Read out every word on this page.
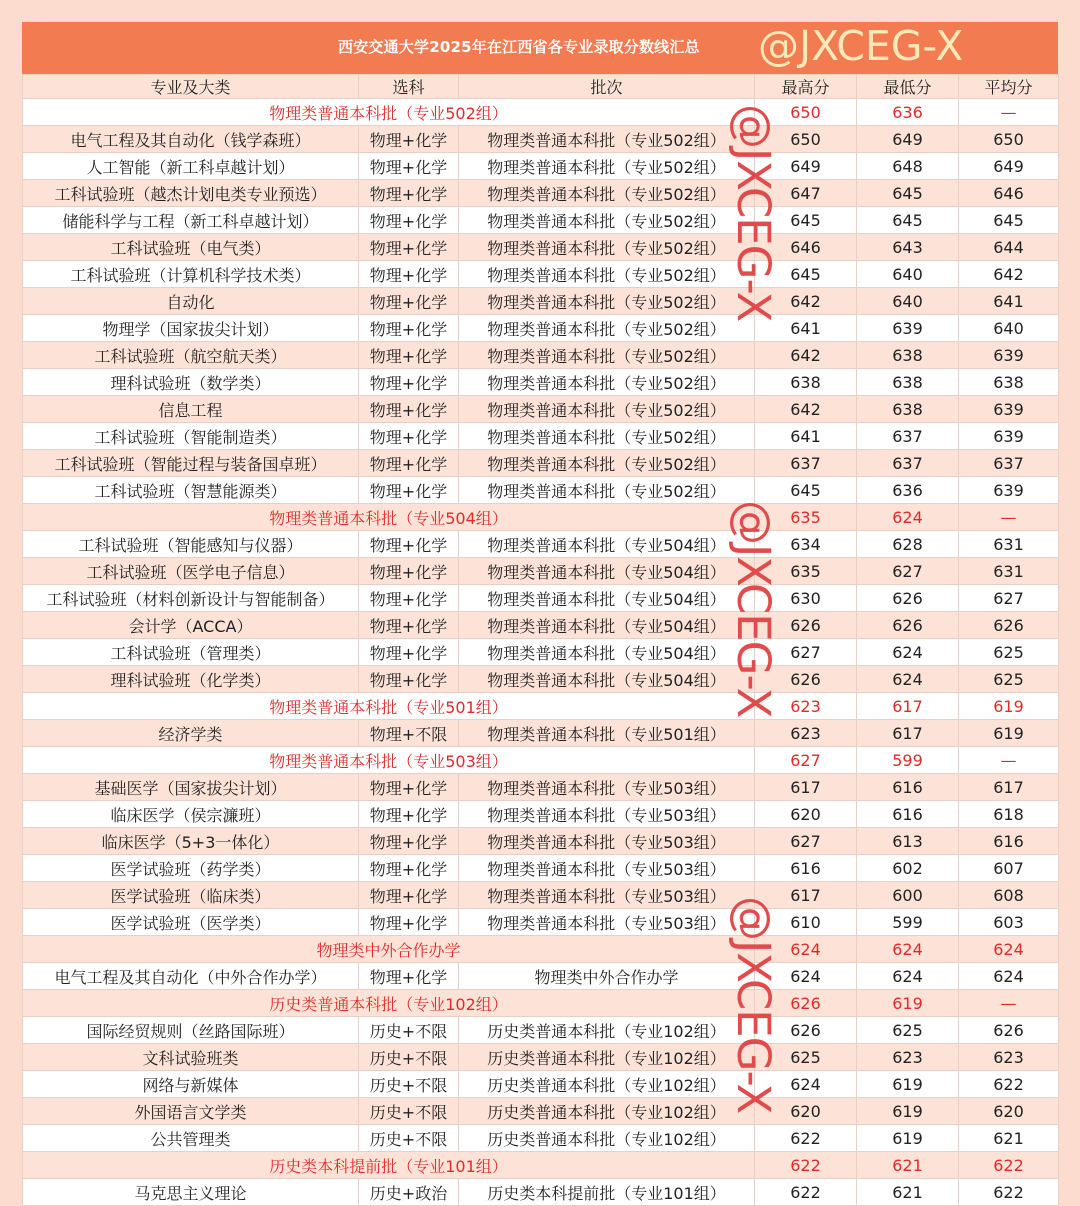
西安交通大学2025年在江西省各专业录取分数线汇总 @JXCEG-X
专业及大类	选科	批次	最高分	最低分	平均分
物理类普通本科批（专业502组）			650	636	—
电气工程及其自动化（钱学森班）	物理+化学	物理类普通本科批（专业502组）	650	649	650
人工智能（新工科卓越计划）	物理+化学	物理类普通本科批（专业502组）	649	648	649
工科试验班（越杰计划电类专业预选）	物理+化学	物理类普通本科批（专业502组）	647	645	646
储能科学与工程（新工科卓越计划）	物理+化学	物理类普通本科批（专业502组）	645	645	645
工科试验班（电气类）	物理+化学	物理类普通本科批（专业502组）	646	643	644
工科试验班（计算机科学技术类）	物理+化学	物理类普通本科批（专业502组）	645	640	642
自动化	物理+化学	物理类普通本科批（专业502组）	642	640	641
物理学（国家拔尖计划）	物理+化学	物理类普通本科批（专业502组）	641	639	640
工科试验班（航空航天类）	物理+化学	物理类普通本科批（专业502组）	642	638	639
理科试验班（数学类）	物理+化学	物理类普通本科批（专业502组）	638	638	638
信息工程	物理+化学	物理类普通本科批（专业502组）	642	638	639
工科试验班（智能制造类）	物理+化学	物理类普通本科批（专业502组）	641	637	639
工科试验班（智能过程与装备国卓班）	物理+化学	物理类普通本科批（专业502组）	637	637	637
工科试验班（智慧能源类）	物理+化学	物理类普通本科批（专业502组）	645	636	639
物理类普通本科批（专业504组）			635	624	—
工科试验班（智能感知与仪器）	物理+化学	物理类普通本科批（专业504组）	634	628	631
工科试验班（医学电子信息）	物理+化学	物理类普通本科批（专业504组）	635	627	631
工科试验班（材料创新设计与智能制备）	物理+化学	物理类普通本科批（专业504组）	630	626	627
会计学（ACCA）	物理+化学	物理类普通本科批（专业504组）	626	626	626
工科试验班（管理类）	物理+化学	物理类普通本科批（专业504组）	627	624	625
理科试验班（化学类）	物理+化学	物理类普通本科批（专业504组）	626	624	625
物理类普通本科批（专业501组）			623	617	619
经济学类	物理+不限	物理类普通本科批（专业501组）	623	617	619
物理类普通本科批（专业503组）			627	599	—
基础医学（国家拔尖计划）	物理+化学	物理类普通本科批（专业503组）	617	616	617
临床医学（侯宗濂班）	物理+化学	物理类普通本科批（专业503组）	620	616	618
临床医学（5+3一体化）	物理+化学	物理类普通本科批（专业503组）	627	613	616
医学试验班（药学类）	物理+化学	物理类普通本科批（专业503组）	616	602	607
医学试验班（临床类）	物理+化学	物理类普通本科批（专业503组）	617	600	608
医学试验班（医学类）	物理+化学	物理类普通本科批（专业503组）	610	599	603
物理类中外合作办学			624	624	624
电气工程及其自动化（中外合作办学）	物理+化学	物理类中外合作办学	624	624	624
历史类普通本科批（专业102组）			626	619	—
国际经贸规则（丝路国际班）	历史+不限	历史类普通本科批（专业102组）	626	625	626
文科试验班类	历史+不限	历史类普通本科批（专业102组）	625	623	623
网络与新媒体	历史+不限	历史类普通本科批（专业102组）	624	619	622
外国语言文学类	历史+不限	历史类普通本科批（专业102组）	620	619	620
公共管理类	历史+不限	历史类普通本科批（专业102组）	622	619	621
历史类本科提前批（专业101组）			622	621	622
马克思主义理论	历史+政治	历史类本科提前批（专业101组）	622	621	622
@JXCEG-X
@JXCEG-X
@JXCEG-X
